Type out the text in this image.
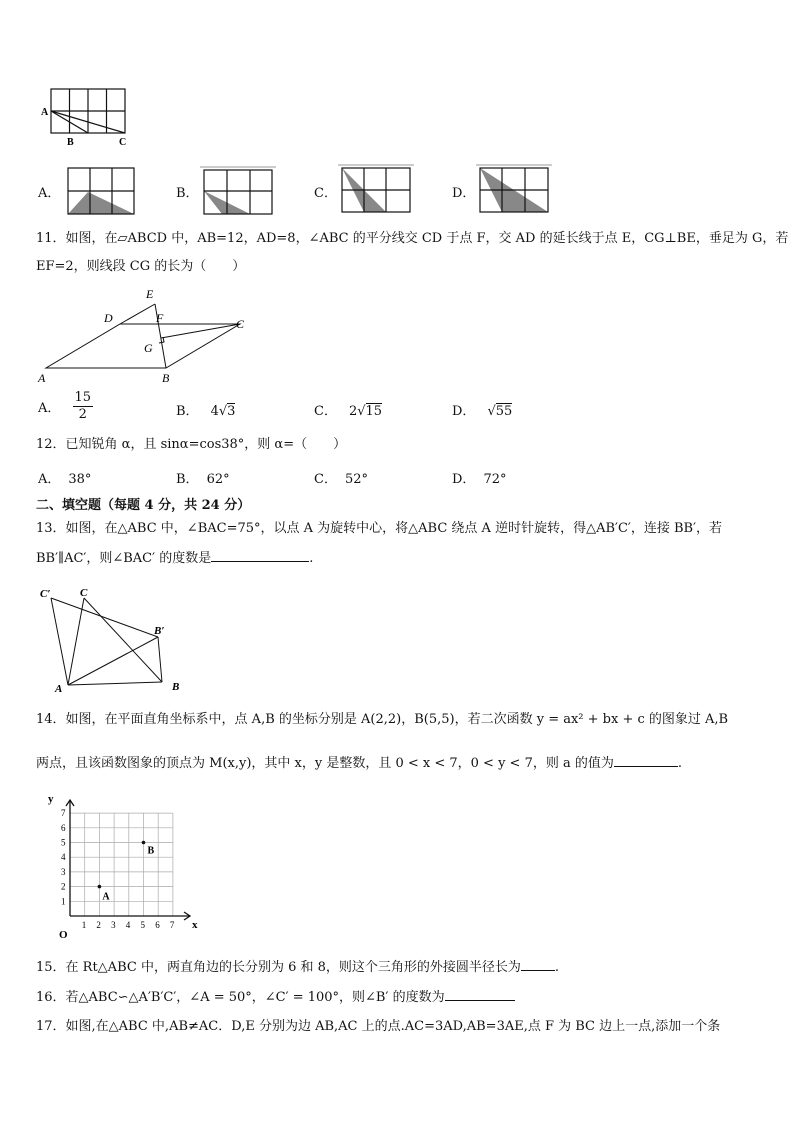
A
B	C
A．	B．	C．	D．
11．如图，在▱ABCD 中，AB=12，AD=8，∠ABC 的平分线交 CD 于点 F，交 AD 的延长线于点 E，CG⊥BE，垂足为 G，若
EF=2，则线段 CG 的长为（　　）
E
D	F	C
G
A	B
A． $\frac{15}{2}$	B． 4√3	C． 2√15	D． √55
12．已知锐角 α，且 sinα=cos38°，则 α=（　　）
A． 38°	B． 62°	C． 52°	D． 72°
二、填空题（每题 4 分，共 24 分）
13．如图，在△ABC 中，∠BAC=75°，以点 A 为旋转中心，将△ABC 绕点 A 逆时针旋转，得△AB′C′，连接 BB′，若
BB′∥AC′，则∠BAC′ 的度数是	.
C′	C
B′
A	B
14．如图，在平面直角坐标系中，点 A,B 的坐标分别是 A(2,2)，B(5,5)，若二次函数 y = ax² + bx + c 的图象过 A,B
两点，且该函数图象的顶点为 M(x,y)，其中 x，y 是整数，且 0 < x < 7，0 < y < 7，则 a 的值为	.
1
1
2
2
3
3
4
4
5
5
6
6
7
7
y
x
O
A
B
15．在 Rt△ABC 中，两直角边的长分别为 6 和 8，则这个三角形的外接圆半径长为	.
16．若△ABC∽△A′B′C′，∠A = 50°，∠C′ = 100°，则∠B′ 的度数为
17．如图,在△ABC 中,AB≠AC．D,E 分别为边 AB,AC 上的点.AC=3AD,AB=3AE,点 F 为 BC 边上一点,添加一个条
